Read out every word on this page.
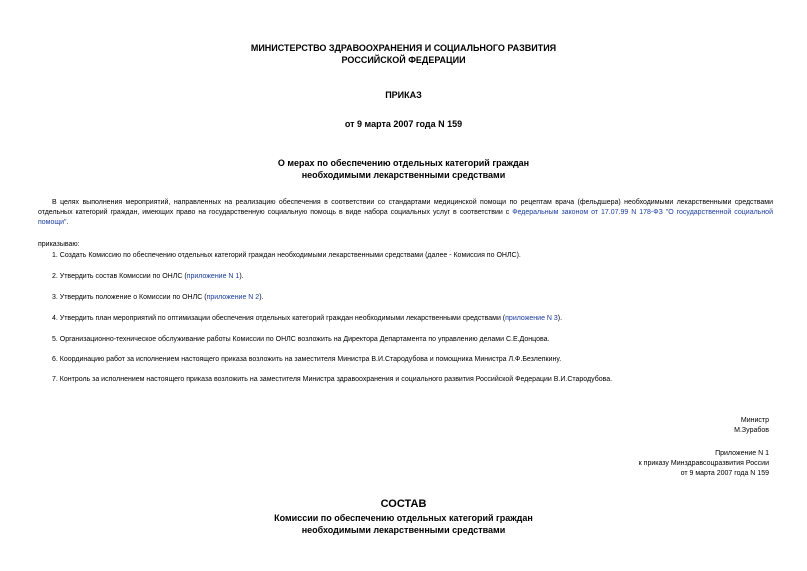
МИНИСТЕРСТВО ЗДРАВООХРАНЕНИЯ И СОЦИАЛЬНОГО РАЗВИТИЯ
РОССИЙСКОЙ ФЕДЕРАЦИИ
ПРИКАЗ
от 9 марта 2007 года N 159
О мерах по обеспечению отдельных категорий граждан
необходимыми лекарственными средствами
В целях выполнения мероприятий, направленных на реализацию обеспечения в соответствии со стандартами медицинской помощи по рецептам врача (фельдшера) необходимыми лекарственными средствами отдельных категорий граждан, имеющих право на государственную социальную помощь в виде набора социальных услуг в соответствии с Федеральным законом от 17.07.99 N 178-ФЗ "О государственной социальной помощи".
приказываю:
1. Создать Комиссию по обеспечению отдельных категорий граждан необходимыми лекарственными средствами (далее - Комиссия по ОНЛС).
2. Утвердить состав Комиссии по ОНЛС (приложение N 1).
3. Утвердить положение о Комиссии по ОНЛС (приложение N 2).
4. Утвердить план мероприятий по оптимизации обеспечения отдельных категорий граждан необходимыми лекарственными средствами (приложение N 3).
5. Организационно-техническое обслуживание работы Комиссии по ОНЛС возложить на Директора Департамента по управлению делами С.Е.Донцова.
6. Координацию работ за исполнением настоящего приказа возложить на заместителя Министра В.И.Стародубова и помощника Министра Л.Ф.Безлепкину.
7. Контроль за исполнением настоящего приказа возложить на заместителя Министра здравоохранения и социального развития Российской Федерации В.И.Стародубова.
Министр
М.Зурабов
Приложение N 1
к приказу Минздравсоцразвития России
от 9 марта 2007 года N 159
СОСТАВ
Комиссии по обеспечению отдельных категорий граждан
необходимыми лекарственными средствами
